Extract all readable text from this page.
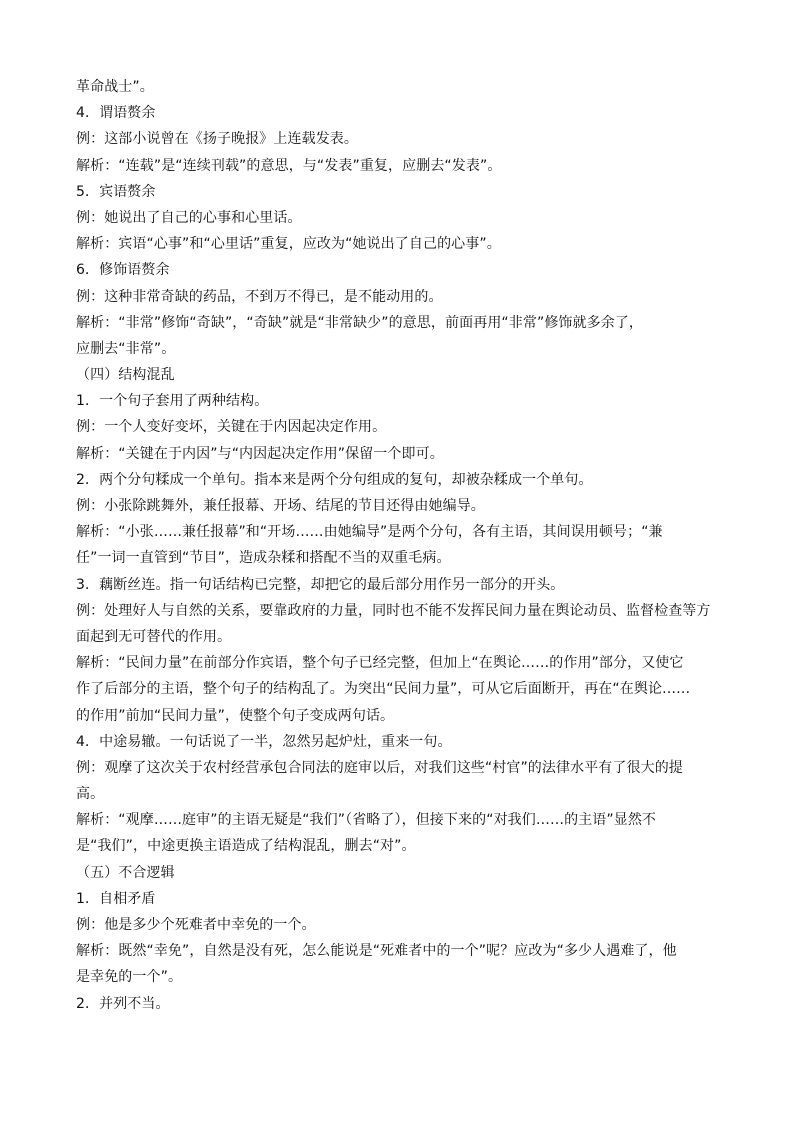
革命战士”。
4．谓语赘余
例：这部小说曾在《扬子晚报》上连载发表。
解析：“连载”是“连续刊载”的意思，与“发表”重复，应删去“发表”。
5．宾语赘余
例：她说出了自己的心事和心里话。
解析：宾语“心事”和“心里话”重复，应改为“她说出了自己的心事”。
6．修饰语赘余
例：这种非常奇缺的药品，不到万不得已，是不能动用的。
解析：“非常”修饰“奇缺”，“奇缺”就是“非常缺少”的意思，前面再用“非常”修饰就多余了，
应删去“非常”。
（四）结构混乱
1．一个句子套用了两种结构。
例：一个人变好变坏，关键在于内因起决定作用。
解析：“关键在于内因”与“内因起决定作用”保留一个即可。
2．两个分句糅成一个单句。指本来是两个分句组成的复句，却被杂糅成一个单句。
例：小张除跳舞外，兼任报幕、开场、结尾的节目还得由她编导。
解析：“小张……兼任报幕”和“开场……由她编导”是两个分句，各有主语，其间误用顿号；“兼
任”一词一直管到“节目”，造成杂糅和搭配不当的双重毛病。
3．藕断丝连。指一句话结构已完整，却把它的最后部分用作另一部分的开头。
例：处理好人与自然的关系，要靠政府的力量，同时也不能不发挥民间力量在舆论动员、监督检查等方
面起到无可替代的作用。
解析：“民间力量”在前部分作宾语，整个句子已经完整，但加上“在舆论……的作用”部分，又使它
作了后部分的主语，整个句子的结构乱了。为突出“民间力量”，可从它后面断开，再在“在舆论……
的作用”前加“民间力量”，使整个句子变成两句话。
4．中途易辙。一句话说了一半，忽然另起炉灶，重来一句。
例：观摩了这次关于农村经营承包合同法的庭审以后，对我们这些“村官”的法律水平有了很大的提
高。
解析：“观摩……庭审”的主语无疑是“我们”（省略了），但接下来的“对我们……的主语”显然不
是“我们”，中途更换主语造成了结构混乱，删去“对”。
（五）不合逻辑
1．自相矛盾
例：他是多少个死难者中幸免的一个。
解析：既然“幸免”，自然是没有死，怎么能说是“死难者中的一个”呢？应改为“多少人遇难了，他
是幸免的一个”。
2．并列不当。
